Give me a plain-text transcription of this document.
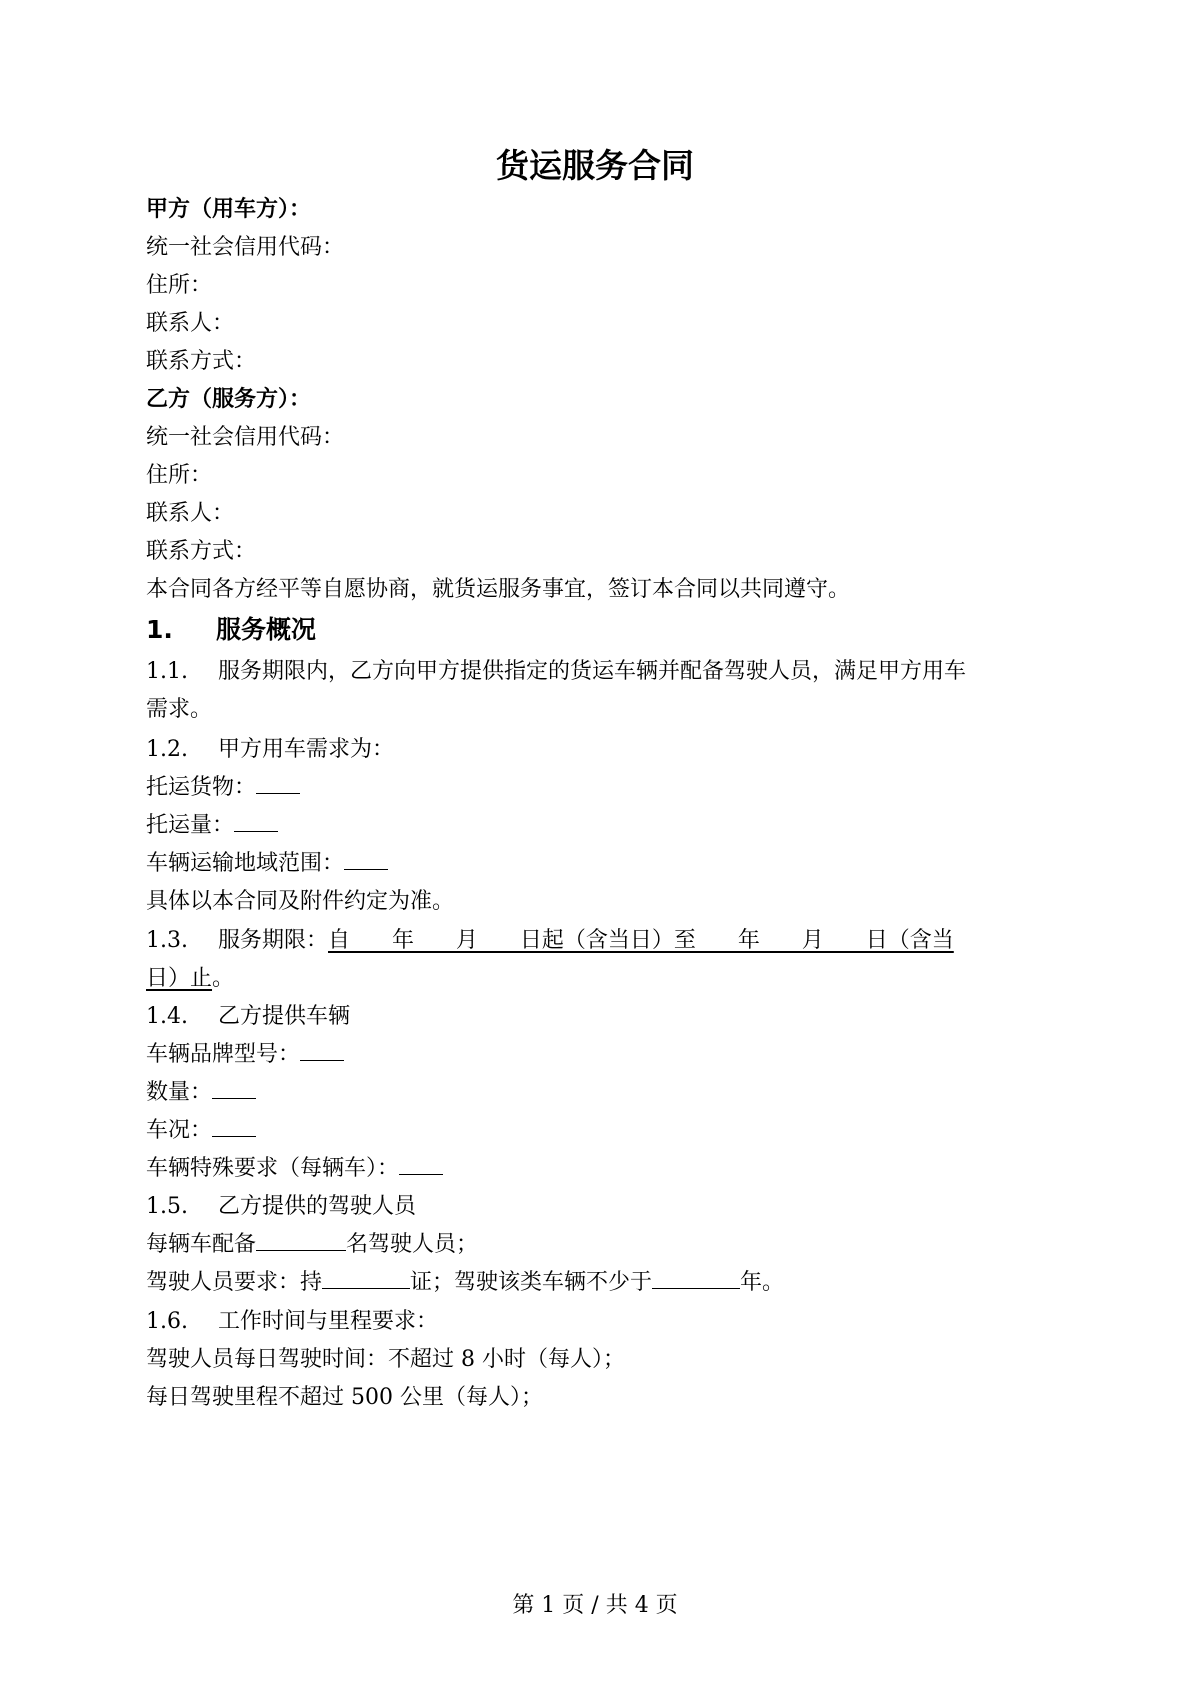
货运服务合同
甲方（用车方）：
统一社会信用代码：
住所：
联系人：
联系方式：
乙方（服务方）：
统一社会信用代码：
住所：
联系人：
联系方式：
本合同各方经平等自愿协商，就货运服务事宜，签订本合同以共同遵守。
1. 服务概况
1.1. 服务期限内，乙方向甲方提供指定的货运车辆并配备驾驶人员，满足甲方用车
需求。
1.2. 甲方用车需求为：
托运货物：
托运量：
车辆运输地域范围：
具体以本合同及附件约定为准。
1.3. 服务期限：自      年      月      日起（含当日）至      年      月      日（含当
日）止。
1.4. 乙方提供车辆
车辆品牌型号：
数量：
车况：
车辆特殊要求（每辆车）：
1.5. 乙方提供的驾驶人员
每辆车配备	名驾驶人员；
驾驶人员要求：持	证；驾驶该类车辆不少于	年。
1.6. 工作时间与里程要求：
驾驶人员每日驾驶时间：不超过 8 小时（每人）；
每日驾驶里程不超过 500 公里（每人）；
第 1 页 / 共 4 页
